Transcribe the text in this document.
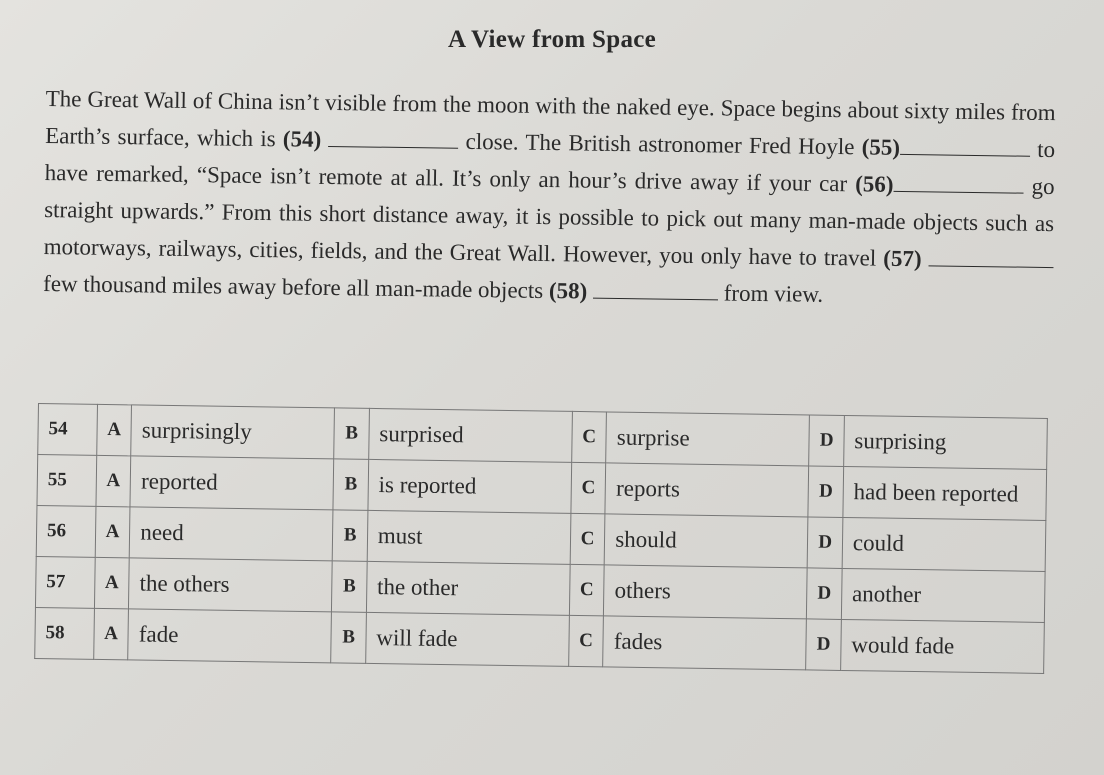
A View from Space
The Great Wall of China isn’t visible from the moon with the naked eye. Space begins about sixty miles from Earth’s surface, which is (54)	close. The British astronomer Fred Hoyle (55)	to have remarked, “Space isn’t remote at all. It’s only an hour’s drive away if your car (56)	go straight upwards.” From this short distance away, it is possible to pick out many man-made objects such as motorways, railways, cities, fields, and the Great Wall. However, you only have to travel (57)  few thousand miles away before all man-made objects (58)	from view.
54	A	surprisingly	B	surprised	C	surprise	D	surprising
55	A	reported	B	is reported	C	reports	D	had been reported
56	A	need	B	must	C	should	D	could
57	A	the others	B	the other	C	others	D	another
58	A	fade	B	will fade	C	fades	D	would fade
